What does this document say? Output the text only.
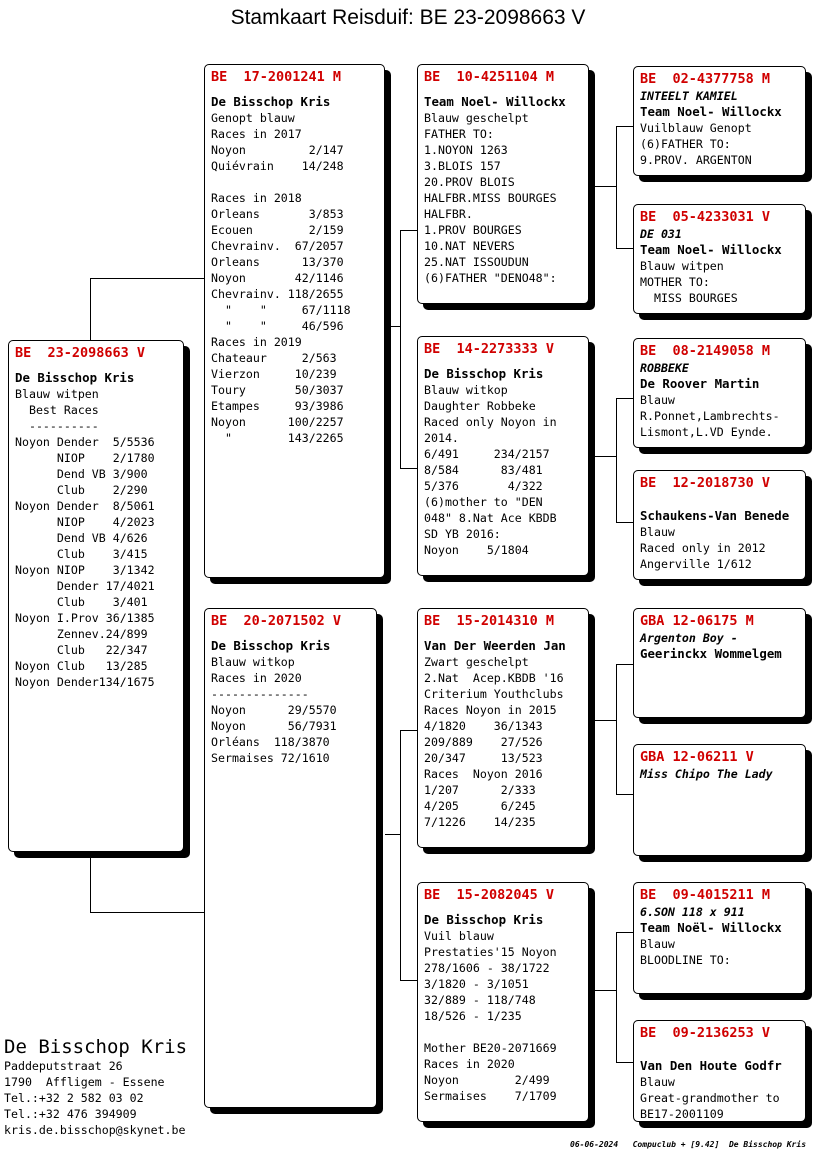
Stamkaart Reisduif: BE 23-2098663 V
BE  23-2098663 V
De Bisschop Kris
Blauw witpen
Best Races
----------
Noyon Dender  5/5536
NIOP    2/1780
Dend VB 3/900
Club    2/290
Noyon Dender  8/5061
NIOP    4/2023
Dend VB 4/626
Club    3/415
Noyon NIOP    3/1342
Dender 17/4021
Club    3/401
Noyon I.Prov 36/1385
Zennev.24/899
Club   22/347
Noyon Club   13/285
Noyon Dender134/1675
BE  17-2001241 M
De Bisschop Kris
Genopt blauw
Races in 2017
Noyon         2/147
Quiévrain    14/248

Races in 2018
Orleans       3/853
Ecouen        2/159
Chevrainv.  67/2057
Orleans      13/370
Noyon       42/1146
Chevrainv. 118/2655
"    "     67/1118
"    "     46/596
Races in 2019
Chateaur     2/563
Vierzon     10/239
Toury       50/3037
Etampes     93/3986
Noyon      100/2257
"        143/2265
BE  20-2071502 V
De Bisschop Kris
Blauw witkop
Races in 2020
--------------
Noyon      29/5570
Noyon      56/7931
Orléans  118/3870
Sermaises 72/1610
BE  10-4251104 M
Team Noel- Willockx
Blauw geschelpt
FATHER TO:
1.NOYON 1263
3.BLOIS 157
20.PROV BLOIS
HALFBR.MISS BOURGES
HALFBR.
1.PROV BOURGES
10.NAT NEVERS
25.NAT ISSOUDUN
(6)FATHER "DENO48":
BE  14-2273333 V
De Bisschop Kris
Blauw witkop
Daughter Robbeke
Raced only Noyon in
2014.
6/491     234/2157
8/584      83/481
5/376       4/322
(6)mother to "DEN
048" 8.Nat Ace KBDB
SD YB 2016:
Noyon    5/1804
BE  15-2014310 M
Van Der Weerden Jan
Zwart geschelpt
2.Nat  Acep.KBDB '16
Criterium Youthclubs
Races Noyon in 2015
4/1820    36/1343
209/889    27/526
20/347     13/523
Races  Noyon 2016
1/207      2/333
4/205      6/245
7/1226    14/235
BE  15-2082045 V
De Bisschop Kris
Vuil blauw
Prestaties'15 Noyon
278/1606 - 38/1722
3/1820 - 3/1051
32/889 - 118/748
18/526 - 1/235

Mother BE20-2071669
Races in 2020
Noyon        2/499
Sermaises    7/1709
BE  02-4377758 M
INTEELT KAMIEL
Team Noel- Willockx
Vuilblauw Genopt
(6)FATHER TO:
9.PROV. ARGENTON
BE  05-4233031 V
DE 031
Team Noel- Willockx
Blauw witpen
MOTHER TO:
MISS BOURGES
BE  08-2149058 M
ROBBEKE
De Roover Martin
Blauw
R.Ponnet,Lambrechts-
Lismont,L.VD Eynde.
BE  12-2018730 V
Schaukens-Van Benede
Blauw
Raced only in 2012
Angerville 1/612
GBA 12-06175 M
Argenton Boy -
Geerinckx Wommelgem
GBA 12-06211 V
Miss Chipo The Lady
BE  09-4015211 M
6.SON 118 x 911
Team Noël- Willockx
Blauw
BLOODLINE TO:
BE  09-2136253 V
Van Den Houte Godfr
Blauw
Great-grandmother to
BE17-2001109
De Bisschop Kris
Paddeputstraat 26
1790  Affligem - Essene
Tel.:+32 2 582 03 02
Tel.:+32 476 394909
kris.de.bisschop@skynet.be
06-06-2024   Compuclub + [9.42]  De Bisschop Kris
